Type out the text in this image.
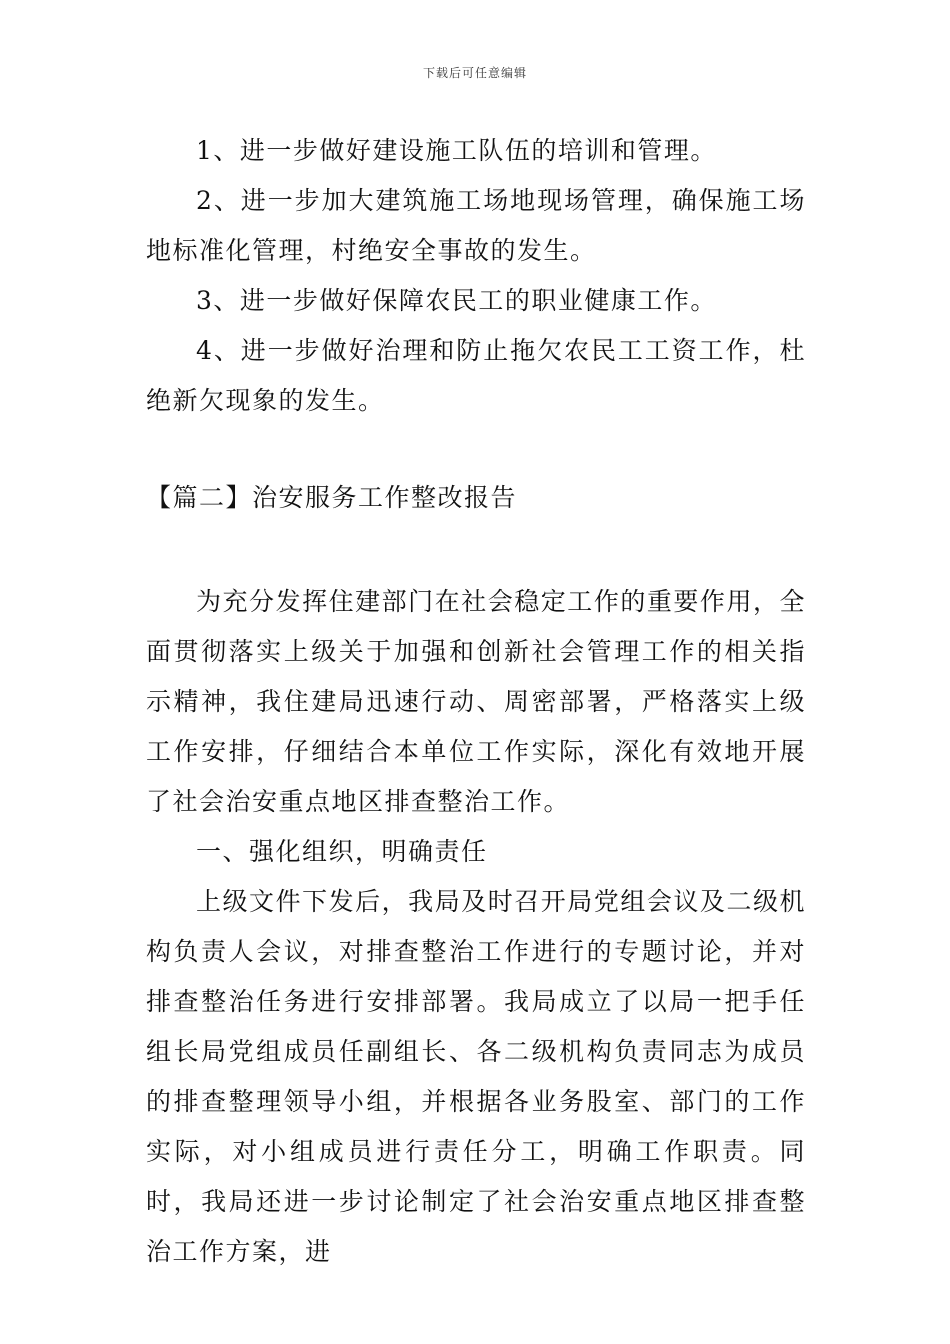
下载后可任意编辑

1、进一步做好建设施工队伍的培训和管理。

2、进一步加大建筑施工场地现场管理，确保施工场地标准化管理，村绝安全事故的发生。

3、进一步做好保障农民工的职业健康工作。

4、进一步做好治理和防止拖欠农民工工资工作，杜绝新欠现象的发生。

【篇二】治安服务工作整改报告

为充分发挥住建部门在社会稳定工作的重要作用，全面贯彻落实上级关于加强和创新社会管理工作的相关指示精神，我住建局迅速行动、周密部署，严格落实上级工作安排，仔细结合本单位工作实际，深化有效地开展了社会治安重点地区排查整治工作。

一、强化组织，明确责任

上级文件下发后，我局及时召开局党组会议及二级机构负责人会议，对排查整治工作进行的专题讨论，并对排查整治任务进行安排部署。我局成立了以局一把手任组长局党组成员任副组长、各二级机构负责同志为成员的排查整理领导小组，并根据各业务股室、部门的工作实际，对小组成员进行责任分工，明确工作职责。同时，我局还进一步讨论制定了社会治安重点地区排查整治工作方案，进
